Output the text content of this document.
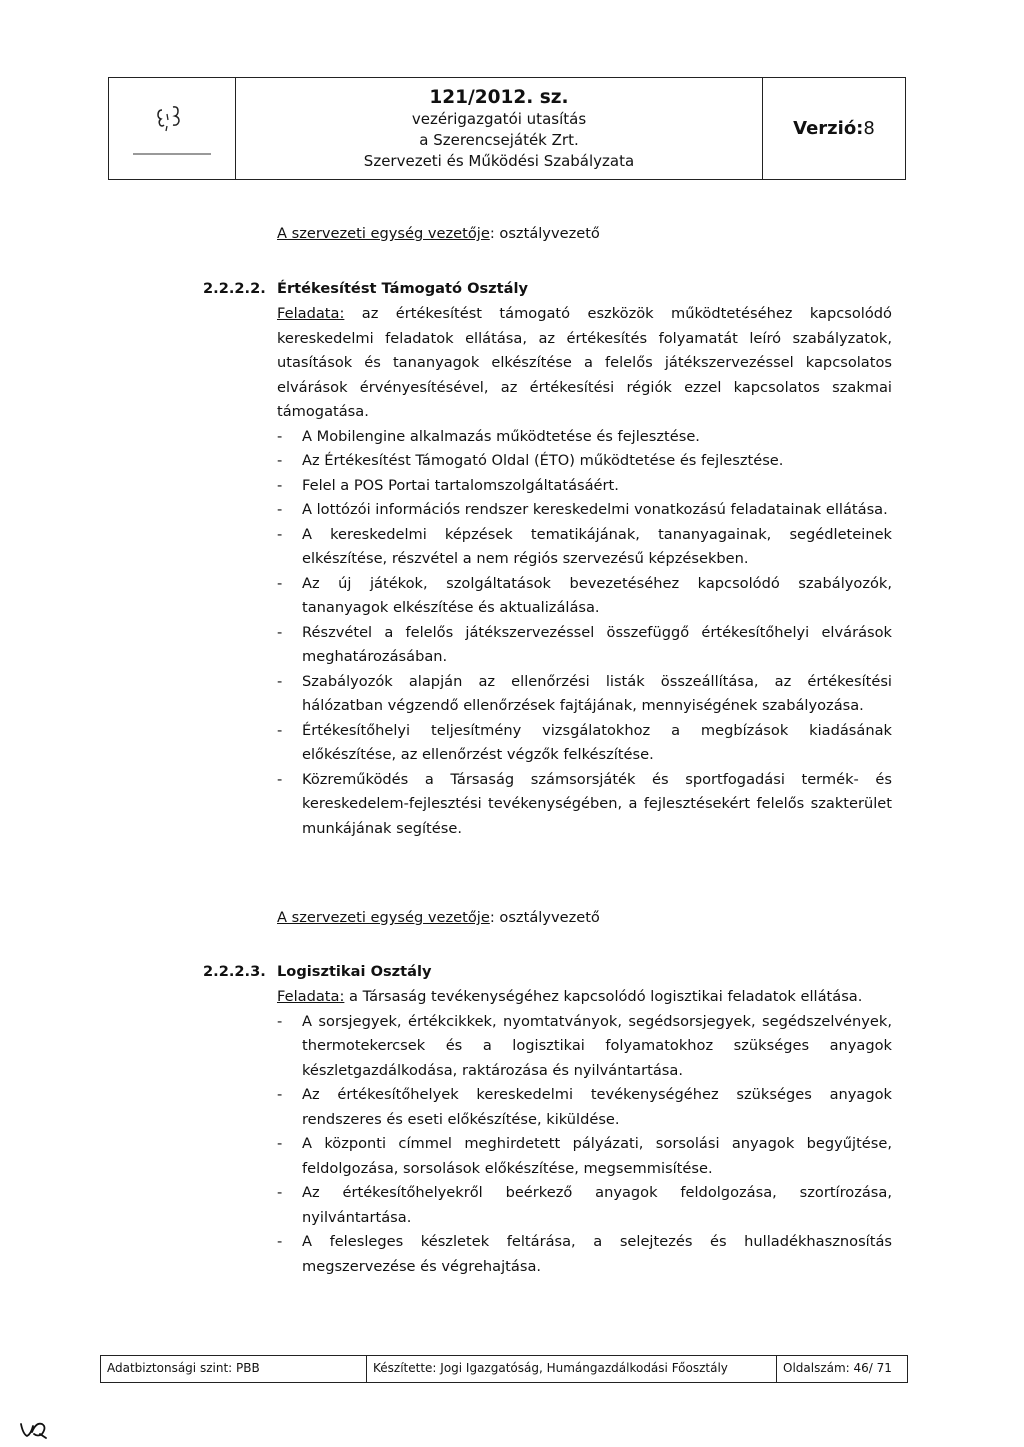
121/2012. sz.
vezérigazgatói utasítás
a Szerencsejáték Zrt.
Szervezeti és Működési Szabályzata
Verzió: 8
A szervezeti egység vezetője: osztályvezető
2.2.2.2. Értékesítést Támogató Osztály

Feladata: az értékesítést támogató eszközök működtetéséhez kapcsolódó kereskedelmi feladatok ellátása, az értékesítés folyamatát leíró szabályzatok, utasítások és tananyagok elkészítése a felelős játékszervezéssel kapcsolatos elvárások érvényesítésével, az értékesítési régiók ezzel kapcsolatos szakmai támogatása.

- A Mobilengine alkalmazás működtetése és fejlesztése.
- Az Értékesítést Támogató Oldal (ÉTO) működtetése és fejlesztése.
- Felel a POS Portai tartalomszolgáltatásáért.
- A lottózói információs rendszer kereskedelmi vonatkozású feladatainak ellátása.
- A kereskedelmi képzések tematikájának, tananyagainak, segédleteinek elkészítése, részvétel a nem régiós szervezésű képzésekben.
- Az új játékok, szolgáltatások bevezetéséhez kapcsolódó szabályozók, tananyagok elkészítése és aktualizálása.
- Részvétel a felelős játékszervezéssel összefüggő értékesítőhelyi elvárások meghatározásában.
- Szabályozók alapján az ellenőrzési listák összeállítása, az értékesítési hálózatban végzendő ellenőrzések fajtájának, mennyiségének szabályozása.
- Értékesítőhelyi teljesítmény vizsgálatokhoz a megbízások kiadásának előkészítése, az ellenőrzést végzők felkészítése.
- Közreműködés a Társaság számsorsjáték és sportfogadási termék- és kereskedelem-fejlesztési tevékenységében, a fejlesztésekért felelős szakterület munkájának segítése.
A szervezeti egység vezetője: osztályvezető
2.2.2.3. Logisztikai Osztály

Feladata: a Társaság tevékenységéhez kapcsolódó logisztikai feladatok ellátása.

- A sorsjegyek, értékcikkek, nyomtatványok, segédsorsjegyek, segédszelvények, thermotekercsek és a logisztikai folyamatokhoz szükséges anyagok készletgazdálkodása, raktározása és nyilvántartása.
- Az értékesítőhelyek kereskedelmi tevékenységéhez szükséges anyagok rendszeres és eseti előkészítése, kiküldése.
- A központi címmel meghirdetett pályázati, sorsolási anyagok begyűjtése, feldolgozása, sorsolások előkészítése, megsemmisítése.
- Az értékesítőhelyekről beérkező anyagok feldolgozása, szortírozása, nyilvántartása.
- A felesleges készletek feltárása, a selejtezés és hulladékhasznosítás megszervezése és végrehajtása.
Adatbiztonsági szint: PBB	Készítette: Jogi Igazgatóság, Humángazdálkodási Főosztály	Oldalszám: 46/ 71
